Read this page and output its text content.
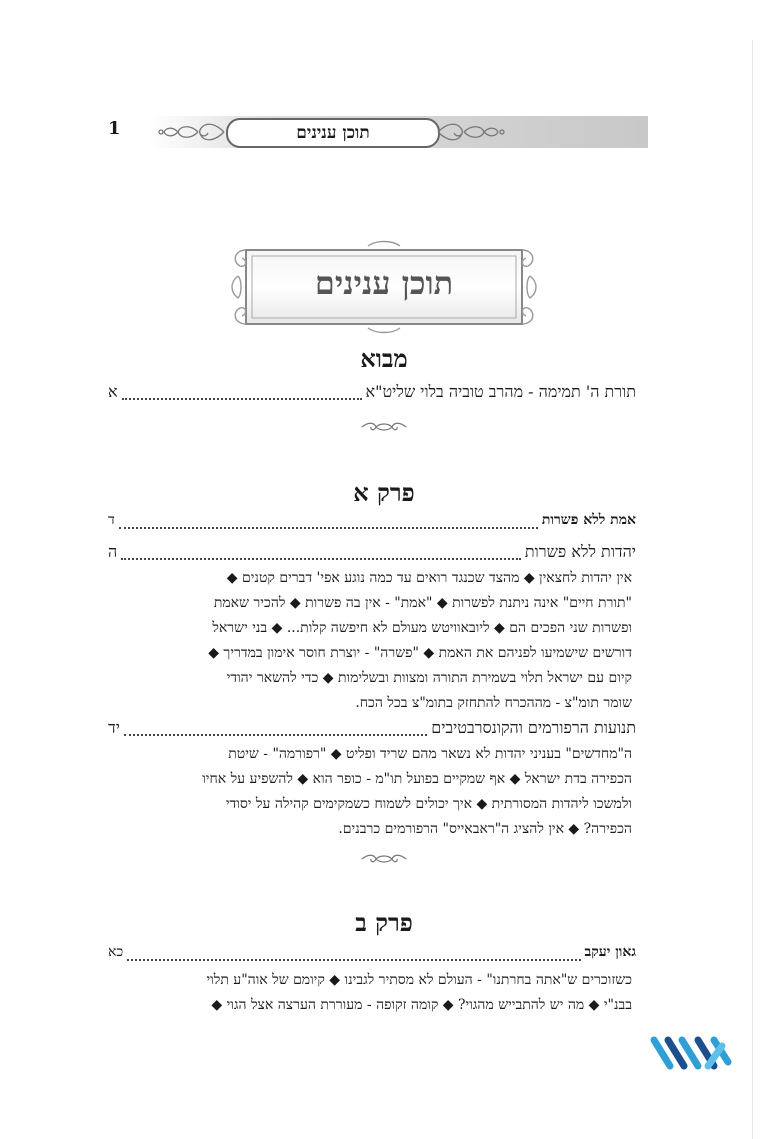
1	תוכן ענינים
תוכן ענינים
מבוא
תורת ה' תמימה - מהרב טוביה בלוי שליט"א
א
פרק א
אמת ללא פשרות
ד
יהדות ללא פשרות
ה
אין יהדות לחצאין ◆ מהצד שכנגד רואים עד כמה נוגע אפי' דברים קטנים ◆
"תורת חיים" אינה ניתנת לפשרות ◆ "אמת" - אין בה פשרות ◆ להכיר שאמת
ופשרות שני הפכים הם ◆ ליובאוויטש מעולם לא חיפשה קלות... ◆ בני ישראל
דורשים שישמיעו לפניהם את האמת ◆ "פשרה" - יוצרת חוסר אימון במדריך ◆
קיום עם ישראל תלוי בשמירת התורה ומצוות ובשלימות ◆ כדי להשאר יהודי
שומר תומ"צ - מההכרח להתחזק בתומ"צ בכל הכח.
תנועות הרפורמים והקונסרבטיבים
יד
ה"מחדשים" בעניני יהדות לא נשאר מהם שריד ופליט ◆ "רפורמה" - שיטת
הכפירה בדת ישראל ◆ אף שמקיים בפועל תו"מ - כופר הוא ◆ להשפיע על אחיו
ולמשכו ליהדות המסורתית ◆ איך יכולים לשמוח כשמקימים קהילה על יסודי
הכפירה? ◆ אין להציג ה"ראבאייס" הרפורמים כרבנים.
פרק ב
גאון יעקב
כא
כשזוכרים ש"אתה בחרתנו" - העולם לא מסתיר לגבינו ◆ קיומם של אוה"ע תלוי
בבנ"י ◆ מה יש להתבייש מהגוי? ◆ קומה זקופה - מעוררת הערצה אצל הגוי ◆
